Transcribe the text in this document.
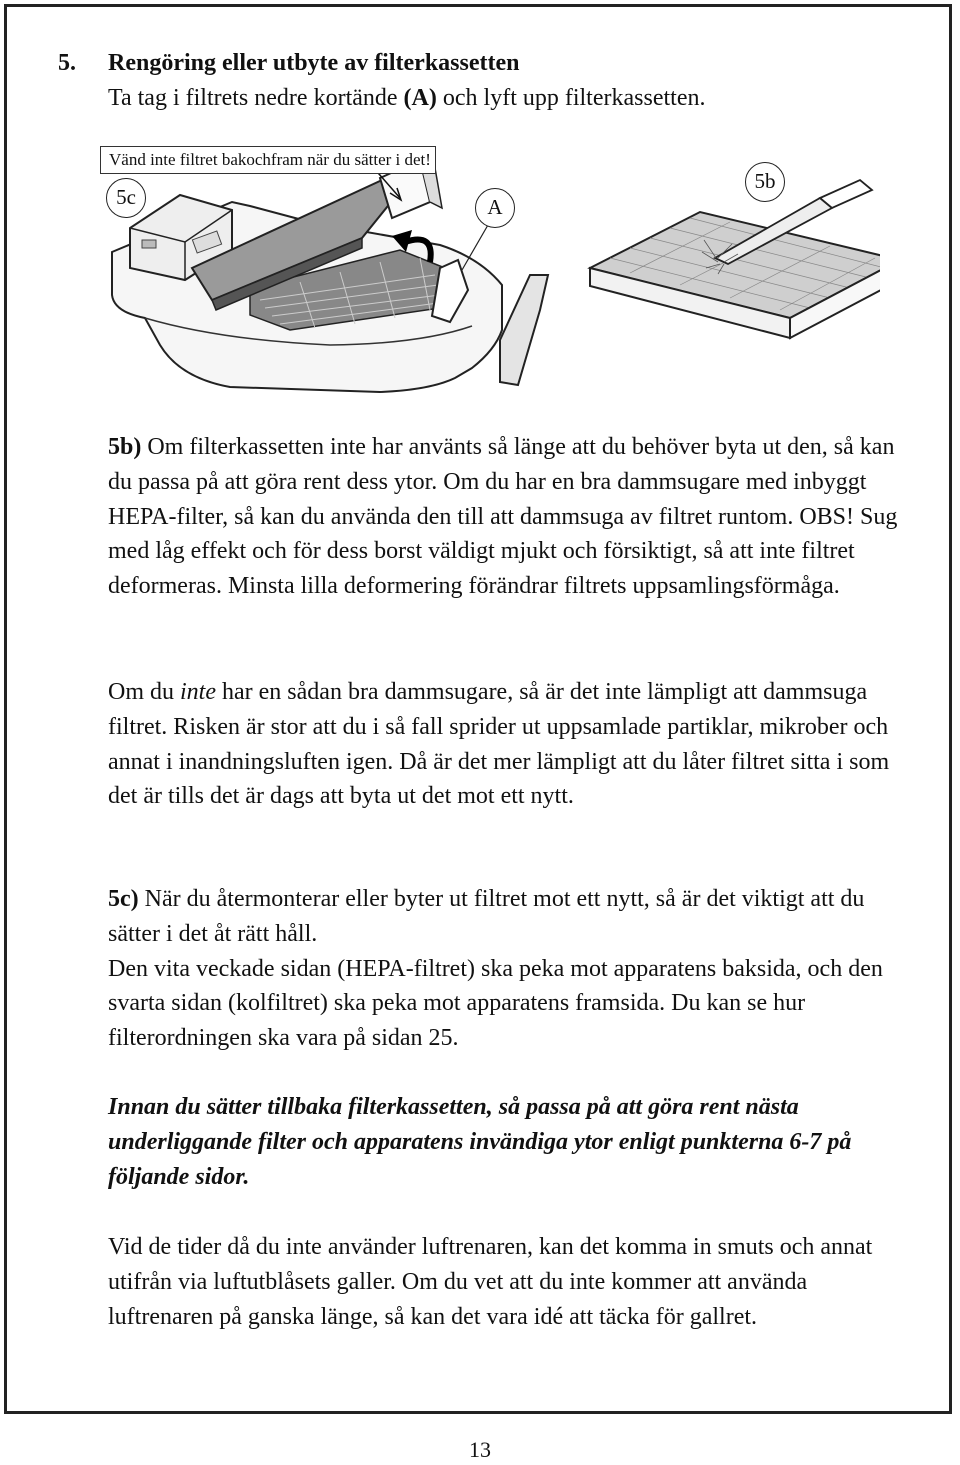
5. Rengöring eller utbyte av filterkassetten
Ta tag i filtrets nedre kortände (A) och lyft upp filterkassetten.
Vänd inte filtret bakochfram när du sätter i det!
5c	A
5b

5b) Om filterkassetten inte har använts så länge att du behöver byta ut den, så kan du passa på att göra rent dess ytor. Om du har en bra dammsugare med inbyggt HEPA-filter, så kan du använda den till att dammsuga av filtret runtom. OBS! Sug med låg effekt och för dess borst väldigt mjukt och försiktigt, så att inte filtret deformeras. Minsta lilla deformering förändrar filtrets uppsamlingsförmåga.

Om du inte har en sådan bra dammsugare, så är det inte lämpligt att dammsuga filtret. Risken är stor att du i så fall sprider ut uppsamlade partiklar, mikrober och annat i inandningsluften igen. Då är det mer lämpligt att du låter filtret sitta i som det är tills det är dags att byta ut det mot ett nytt.

5c) När du återmonterar eller byter ut filtret mot ett nytt, så är det viktigt att du sätter i det åt rätt håll.
Den vita veckade sidan (HEPA-filtret) ska peka mot apparatens baksida, och den svarta sidan (kolfiltret) ska peka mot apparatens framsida. Du kan se hur filterordningen ska vara på sidan 25.

Innan du sätter tillbaka filterkassetten, så passa på att göra rent nästa underliggande filter och apparatens invändiga ytor enligt punkterna 6-7 på följande sidor.

Vid de tider då du inte använder luftrenaren, kan det komma in smuts och annat utifrån via luftutblåsets galler. Om du vet att du inte kommer att använda luftrenaren på ganska länge, så kan det vara idé att täcka för gallret.

13
